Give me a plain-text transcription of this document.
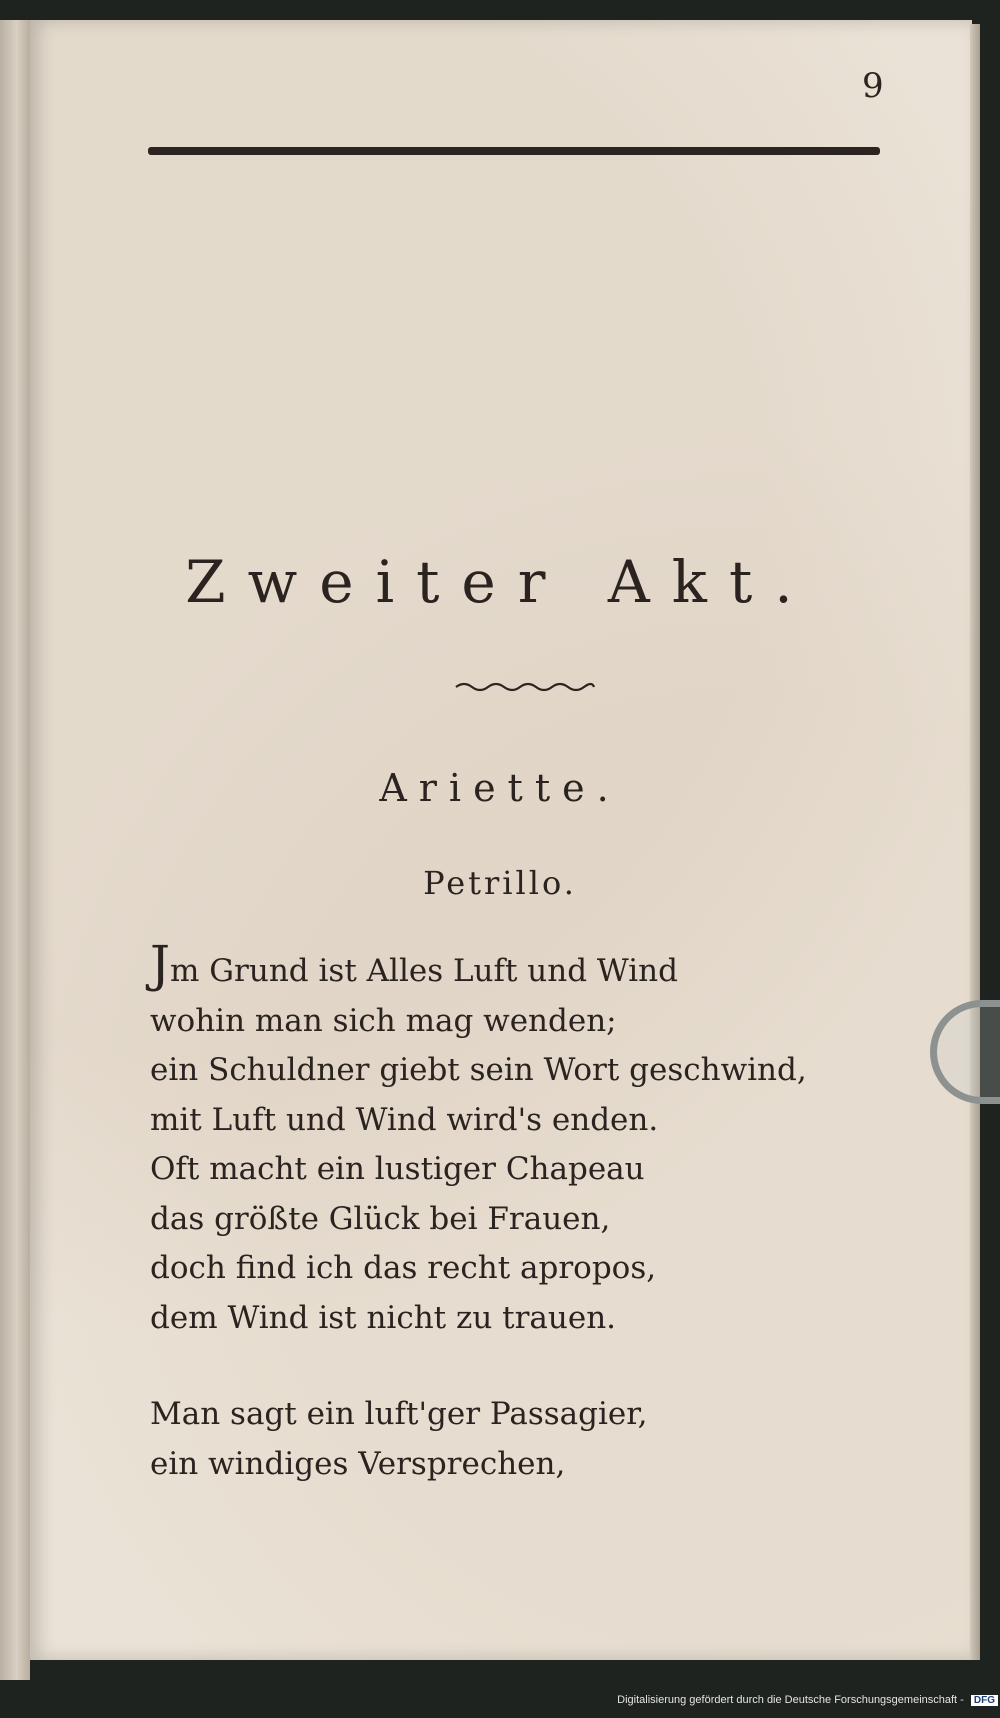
9
Zweiter Akt.
Ariette.
Petrillo.
Jm Grund ist Alles Luft und Wind
wohin man sich mag wenden;
ein Schuldner giebt sein Wort geschwind,
mit Luft und Wind wird's enden.
Oft macht ein lustiger Chapeau
das größte Glück bei Frauen,
doch find ich das recht apropos,
dem Wind ist nicht zu trauen.
Man sagt ein luft'ger Passagier,
ein windiges Versprechen,
Digitalisierung gefördert durch die Deutsche Forschungsgemeinschaft - DFG
